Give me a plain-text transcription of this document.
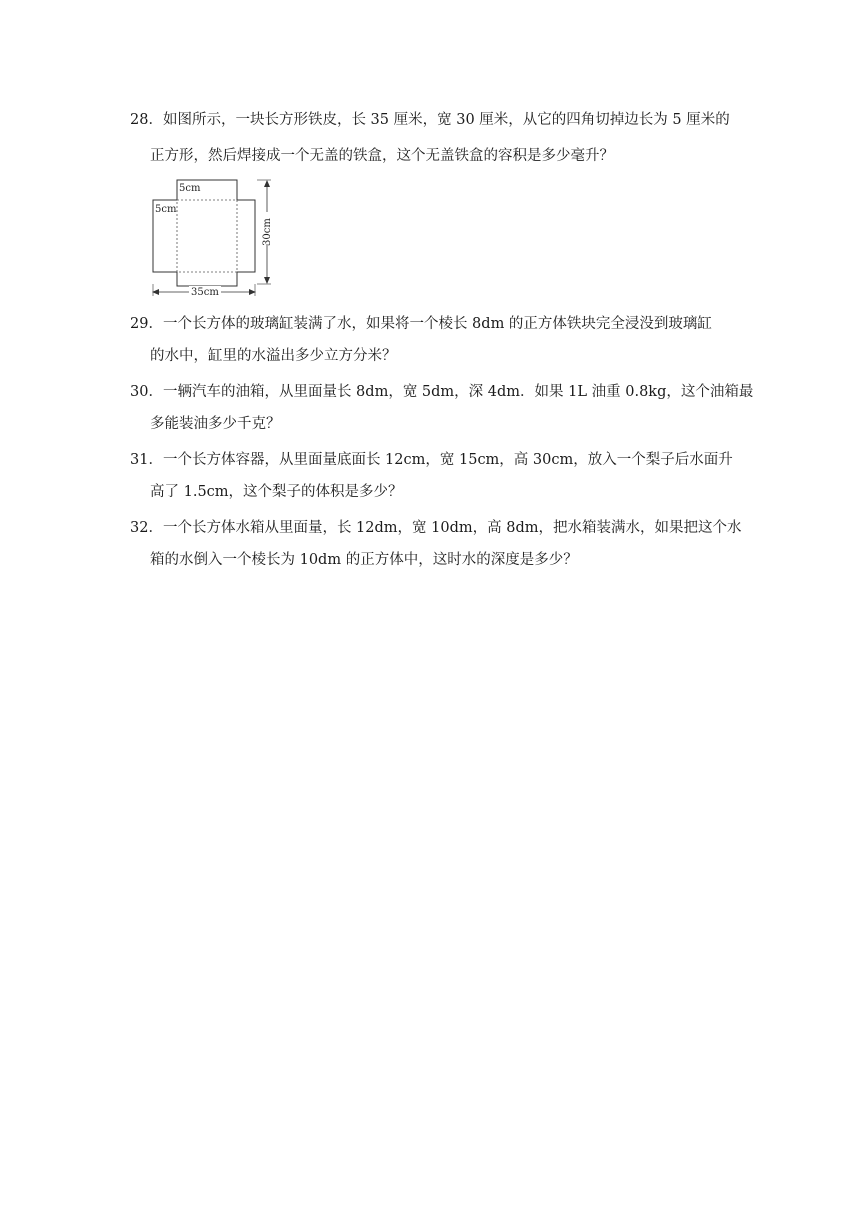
28．如图所示，一块长方形铁皮，长 35 厘米，宽 30 厘米，从它的四角切掉边长为 5 厘米的
正方形，然后焊接成一个无盖的铁盒，这个无盖铁盒的容积是多少毫升？
5cm
5cm
35cm
30cm
29．一个长方体的玻璃缸装满了水，如果将一个棱长 8dm 的正方体铁块完全浸没到玻璃缸
的水中，缸里的水溢出多少立方分米？
30．一辆汽车的油箱，从里面量长 8dm，宽 5dm，深 4dm．如果 1L 油重 0.8kg，这个油箱最
多能装油多少千克？
31．一个长方体容器，从里面量底面长 12cm，宽 15cm，高 30cm，放入一个梨子后水面升
高了 1.5cm，这个梨子的体积是多少？
32．一个长方体水箱从里面量，长 12dm，宽 10dm，高 8dm，把水箱装满水，如果把这个水
箱的水倒入一个棱长为 10dm 的正方体中，这时水的深度是多少？
